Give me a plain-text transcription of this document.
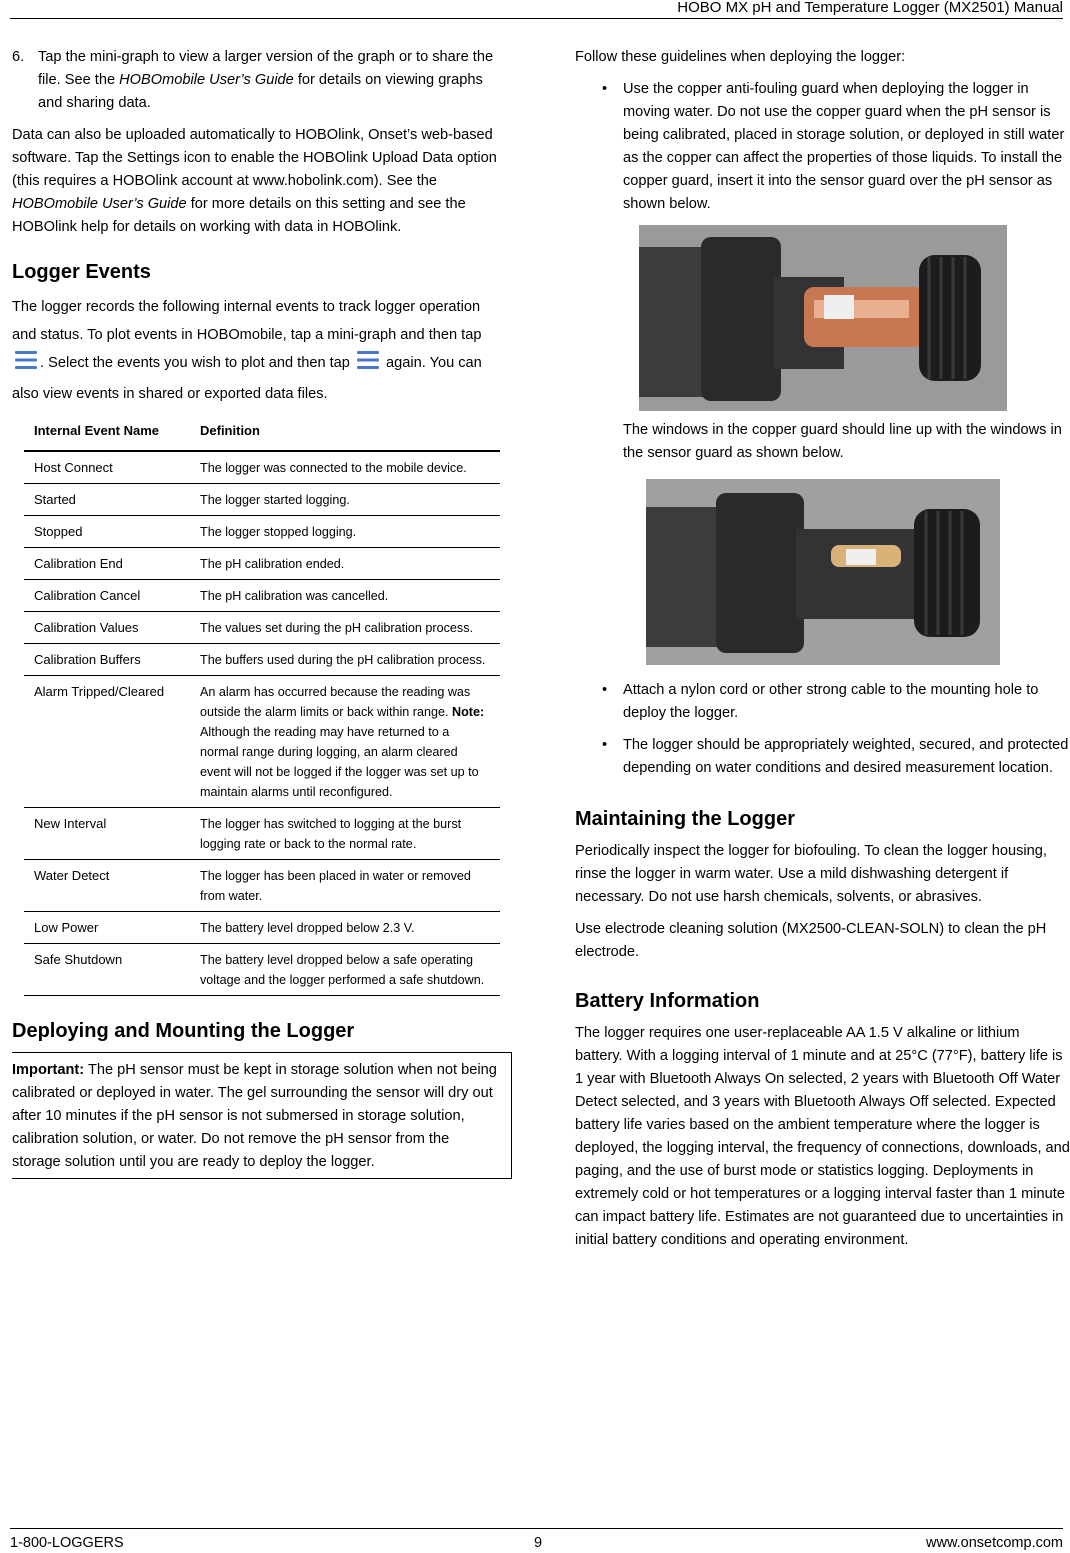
HOBO MX pH and Temperature Logger (MX2501) Manual
6. Tap the mini-graph to view a larger version of the graph or to share the file. See the HOBOmobile User’s Guide for details on viewing graphs and sharing data.

Data can also be uploaded automatically to HOBOlink, Onset’s web-based software. Tap the Settings icon to enable the HOBOlink Upload Data option (this requires a HOBOlink account at www.hobolink.com). See the HOBOmobile User’s Guide for more details on this setting and see the HOBOlink help for details on working with data in HOBOlink.

Logger Events

The logger records the following internal events to track logger operation and status. To plot events in HOBOmobile, tap a mini-graph and then tap . Select the events you wish to plot and then tap  again. You can also view events in shared or exported data files.

Internal Event Name	Definition
Host Connect	The logger was connected to the mobile device.
Started	The logger started logging.
Stopped	The logger stopped logging.
Calibration End	The pH calibration ended.
Calibration Cancel	The pH calibration was cancelled.
Calibration Values	The values set during the pH calibration process.
Calibration Buffers	The buffers used during the pH calibration process.
Alarm Tripped/Cleared	An alarm has occurred because the reading was outside the alarm limits or back within range. Note: Although the reading may have returned to a normal range during logging, an alarm cleared event will not be logged if the logger was set up to maintain alarms until reconfigured.
New Interval	The logger has switched to logging at the burst logging rate or back to the normal rate.
Water Detect	The logger has been placed in water or removed from water.
Low Power	The battery level dropped below 2.3 V.
Safe Shutdown	The battery level dropped below a safe operating voltage and the logger performed a safe shutdown.
Deploying and Mounting the Logger
Important: The pH sensor must be kept in storage solution when not being calibrated or deployed in water. The gel surrounding the sensor will dry out after 10 minutes if the pH sensor is not submersed in storage solution, calibration solution, or water. Do not remove the pH sensor from the storage solution until you are ready to deploy the logger.

Follow these guidelines when deploying the logger:

• Use the copper anti-fouling guard when deploying the logger in moving water. Do not use the copper guard when the pH sensor is being calibrated, placed in storage solution, or deployed in still water as the copper can affect the properties of those liquids. To install the copper guard, insert it into the sensor guard over the pH sensor as shown below.

The windows in the copper guard should line up with the windows in the sensor guard as shown below.

• Attach a nylon cord or other strong cable to the mounting hole to deploy the logger.
• The logger should be appropriately weighted, secured, and protected depending on water conditions and desired measurement location.
Maintaining the Logger

Periodically inspect the logger for biofouling. To clean the logger housing, rinse the logger in warm water. Use a mild dishwashing detergent if necessary. Do not use harsh chemicals, solvents, or abrasives.

Use electrode cleaning solution (MX2500-CLEAN-SOLN) to clean the pH electrode.

Battery Information

The logger requires one user-replaceable AA 1.5 V alkaline or lithium battery. With a logging interval of 1 minute and at 25°C (77°F), battery life is 1 year with Bluetooth Always On selected, 2 years with Bluetooth Off Water Detect selected, and 3 years with Bluetooth Always Off selected. Expected battery life varies based on the ambient temperature where the logger is deployed, the logging interval, the frequency of connections, downloads, and paging, and the use of burst mode or statistics logging. Deployments in extremely cold or hot temperatures or a logging interval faster than 1 minute can impact battery life. Estimates are not guaranteed due to uncertainties in initial battery conditions and operating environment.

1-800-LOGGERS	9	www.onsetcomp.com
